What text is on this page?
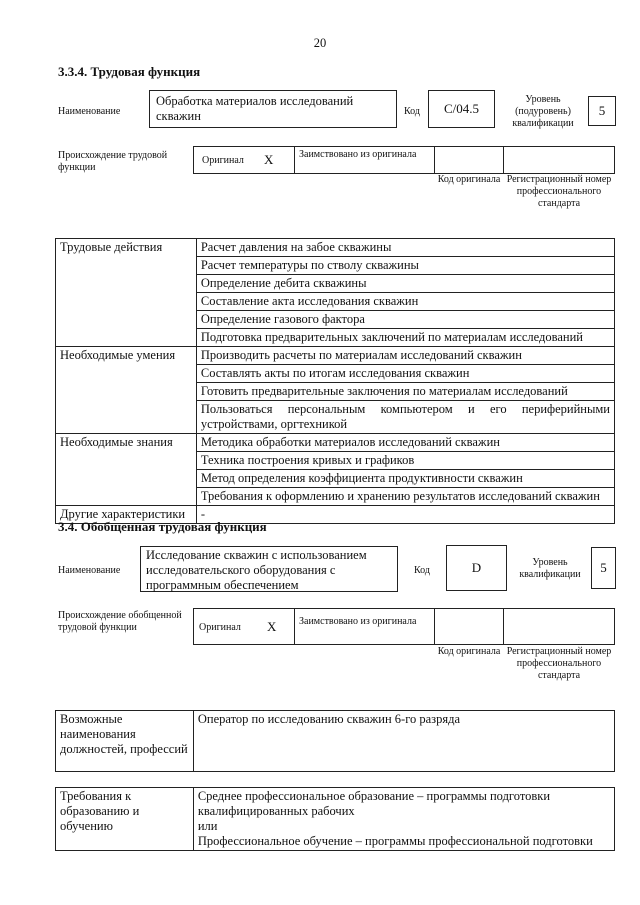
20
3.3.4. Трудовая функция
Наименование
Обработка материалов исследований скважин	Код	C/04.5
Уровень (подуровень) квалификации
5
Происхождение трудовой функции
Оригинал Х	Заимствовано из оригинала
Код оригинала Регистрационный номер профессионального стандарта
Трудовые действия	Расчет давления на забое скважины
	Расчет температуры по стволу скважины
	Определение дебита скважины
	Составление акта исследования скважин
	Определение газового фактора
	Подготовка предварительных заключений по материалам исследований
Необходимые умения	Производить расчеты по материалам исследований скважин
	Составлять акты по итогам исследования скважин
	Готовить предварительные заключения по материалам исследований
	Пользоваться персональным компьютером и его периферийными устройствами, оргтехникой
Необходимые знания	Методика обработки материалов исследований скважин
	Техника построения кривых и графиков
	Метод определения коэффициента продуктивности скважин
	Требования к оформлению и хранению результатов исследований скважин
Другие характеристики	-
3.4. Обобщенная трудовая функция
Наименование
Исследование скважин с использованием исследовательского оборудования с программным обеспечением
Код	D	Уровень квалификации	5
Происхождение обобщенной трудовой функции	Оригинал Х	Заимствовано из оригинала
Код оригинала Регистрационный номер профессионального стандарта
Возможные наименования должностей, профессий	Оператор по исследованию скважин 6-го разряда
Требования к образованию и обучению	
Среднее профессиональное образование – программы подготовки квалифицированных рабочих
или
Профессиональное обучение – программы профессиональной подготовки
